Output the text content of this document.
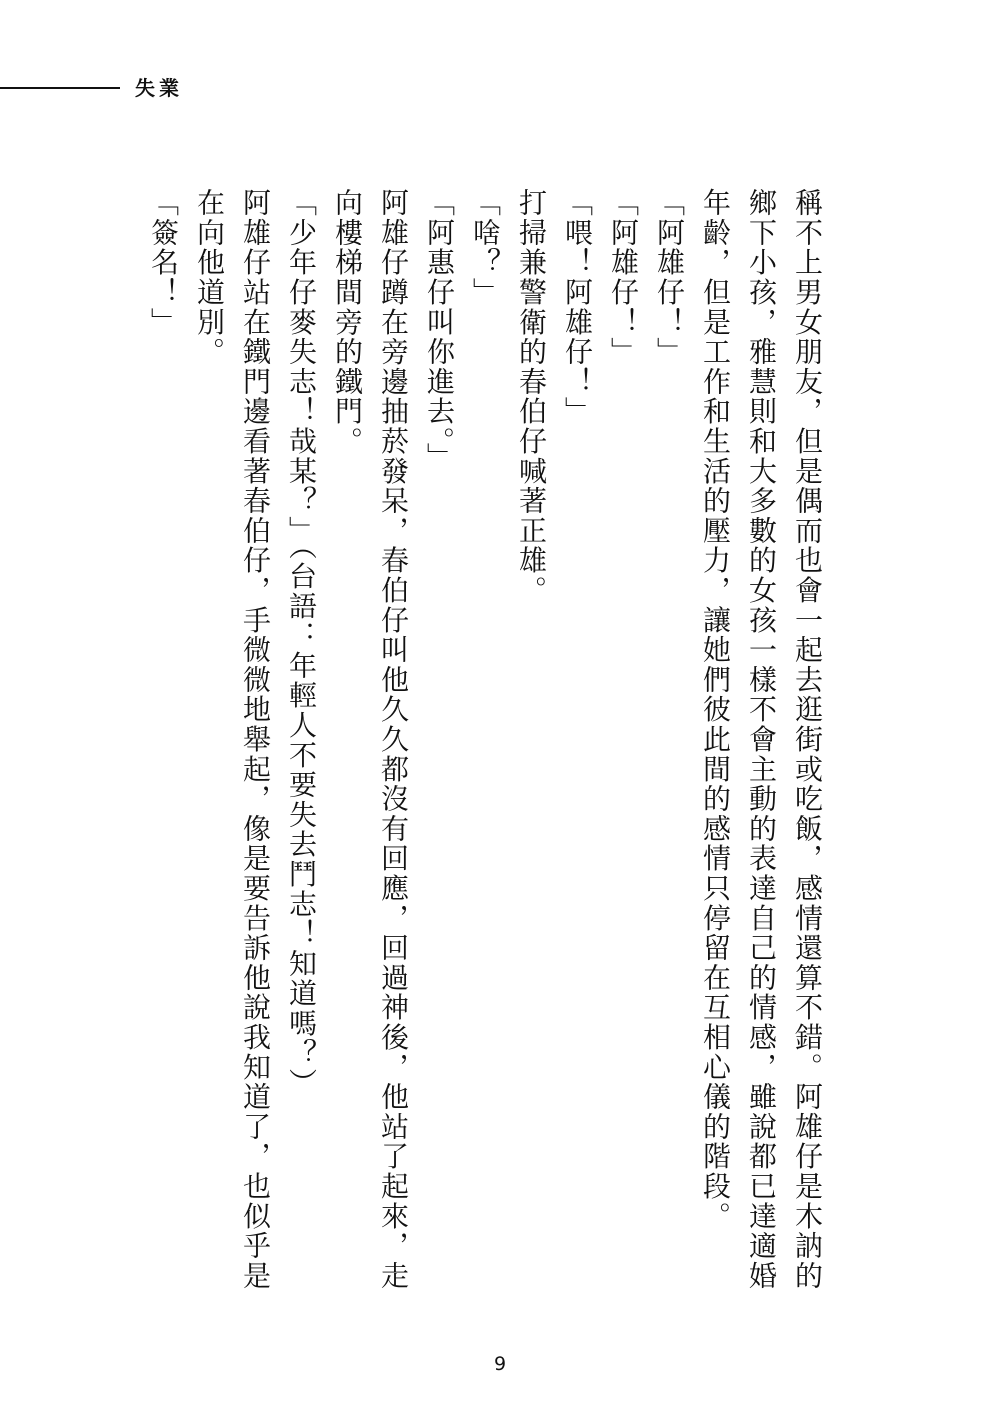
失業

稱不上男女朋友，但是偶而也會一起去逛街或吃飯，感情還算不錯。阿雄仔是木訥的鄉下小孩，雅慧則和大多數的女孩一樣不會主動的表達自己的情感，雖說都已達適婚年齡，但是工作和生活的壓力，讓她們彼此間的感情只停留在互相心儀的階段。

「阿雄仔！」

「阿雄仔！」

「喂！阿雄仔！」

打掃兼警衛的春伯仔喊著正雄。

「啥？」

「阿惠仔叫你進去。」

阿雄仔蹲在旁邊抽菸發呆，春伯仔叫他久久都沒有回應，回過神後，他站了起來，走向樓梯間旁的鐵門。

「少年仔麥失志！哉某？」（台語：年輕人不要失去鬥志！知道嗎？）

阿雄仔站在鐵門邊看著春伯仔，手微微地舉起，像是要告訴他說我知道了，也似乎是在向他道別。

「簽名！」

9
